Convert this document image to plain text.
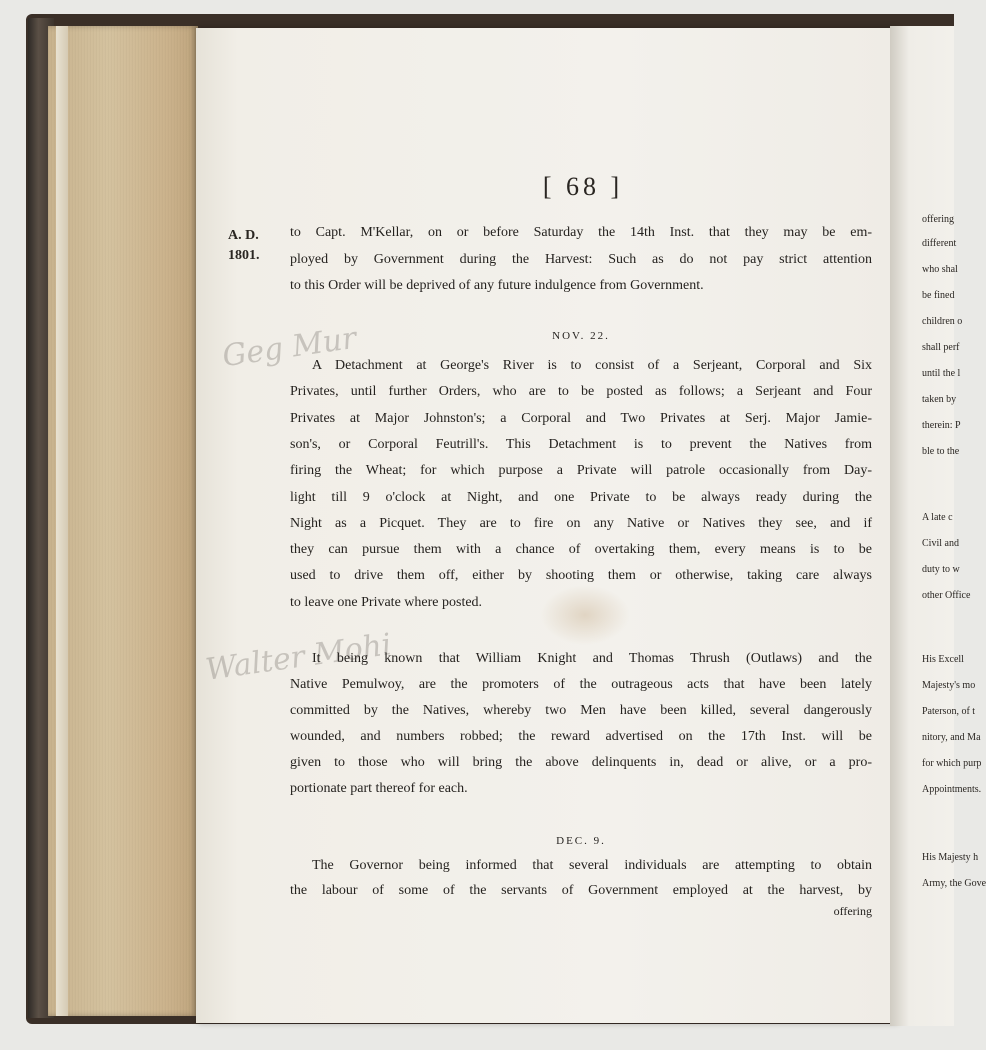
[ 68 ]
A. D.
1801.
Geg Mur
Walter Mohi
to Capt. M'Kellar, on or before Saturday the 14th Inst. that they may be em-
ployed by Government during the Harvest: Such as do not pay strict attention
to this Order will be deprived of any future indulgence from Government.
NOV. 22.
A Detachment at George's River is to consist of a Serjeant, Corporal and Six
Privates, until further Orders, who are to be posted as follows; a Serjeant and Four
Privates at Major Johnston's; a Corporal and Two Privates at Serj. Major Jamie-
son's, or Corporal Feutrill's. This Detachment is to prevent the Natives from
firing the Wheat; for which purpose a Private will patrole occasionally from Day-
light till 9 o'clock at Night, and one Private to be always ready during the
Night as a Picquet. They are to fire on any Native or Natives they see, and if
they can pursue them with a chance of overtaking them, every means is to be
used to drive them off, either by shooting them or otherwise, taking care always
to leave one Private where posted.
It being known that William Knight and Thomas Thrush (Outlaws) and the
Native Pemulwoy, are the promoters of the outrageous acts that have been lately
committed by the Natives, whereby two Men have been killed, several dangerously
wounded, and numbers robbed; the reward advertised on the 17th Inst. will be
given to those who will bring the above delinquents in, dead or alive, or a pro-
portionate part thereof for each.
DEC. 9.
The Governor being informed that several individuals are attempting to obtain
the labour of some of the servants of Government employed at the harvest, by
offering
offering
different
who shal
be fined
children o
shall perf
until the l
taken by
therein: P
ble to the
A late c
Civil and
duty to w
other Office
His Excell
Majesty's mo
Paterson, of t
nitory, and Ma
for which purp
Appointments.
His Majesty h
Army, the Gove
